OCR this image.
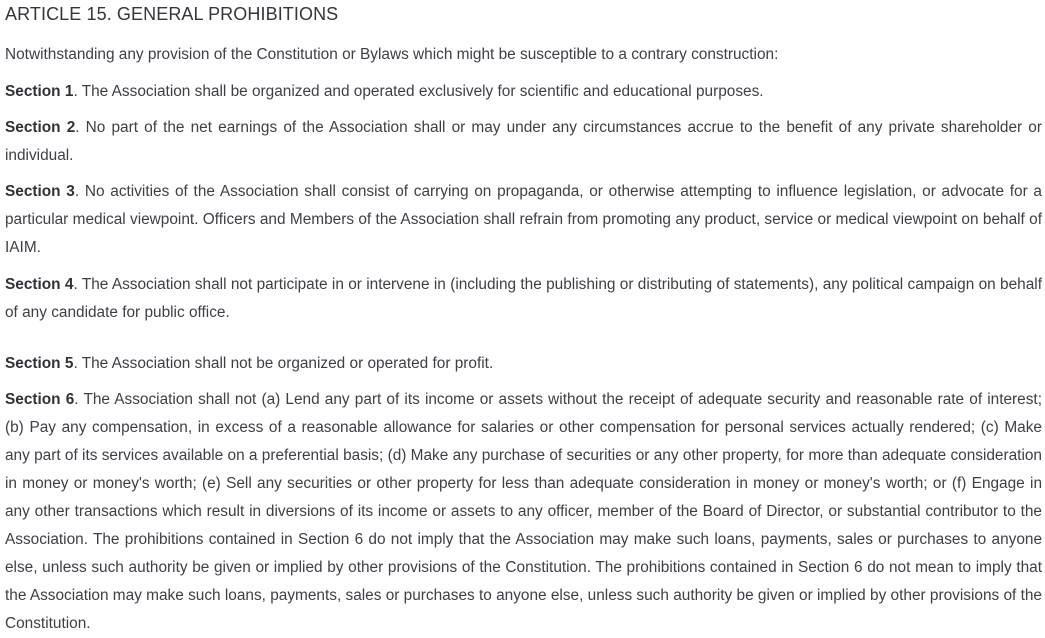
ARTICLE 15. GENERAL PROHIBITIONS

Notwithstanding any provision of the Constitution or Bylaws which might be susceptible to a contrary construction:

Section 1. The Association shall be organized and operated exclusively for scientific and educational purposes.

Section 2. No part of the net earnings of the Association shall or may under any circumstances accrue to the benefit of any private shareholder or individual.

Section 3. No activities of the Association shall consist of carrying on propaganda, or otherwise attempting to influence legislation, or advocate for a particular medical viewpoint. Officers and Members of the Association shall refrain from promoting any product, service or medical viewpoint on behalf of IAIM.

Section 4. The Association shall not participate in or intervene in (including the publishing or distributing of statements), any political campaign on behalf of any candidate for public office.

Section 5. The Association shall not be organized or operated for profit.

Section 6. The Association shall not (a) Lend any part of its income or assets without the receipt of adequate security and reasonable rate of interest; (b) Pay any compensation, in excess of a reasonable allowance for salaries or other compensation for personal services actually rendered; (c) Make any part of its services available on a preferential basis; (d) Make any purchase of securities or any other property, for more than adequate consideration in money or money's worth; (e) Sell any securities or other property for less than adequate consideration in money or money's worth; or (f) Engage in any other transactions which result in diversions of its income or assets to any officer, member of the Board of Director, or substantial contributor to the Association. The prohibitions contained in Section 6 do not imply that the Association may make such loans, payments, sales or purchases to anyone else, unless such authority be given or implied by other provisions of the Constitution. The prohibitions contained in Section 6 do not mean to imply that the Association may make such loans, payments, sales or purchases to anyone else, unless such authority be given or implied by other provisions of the Constitution.
